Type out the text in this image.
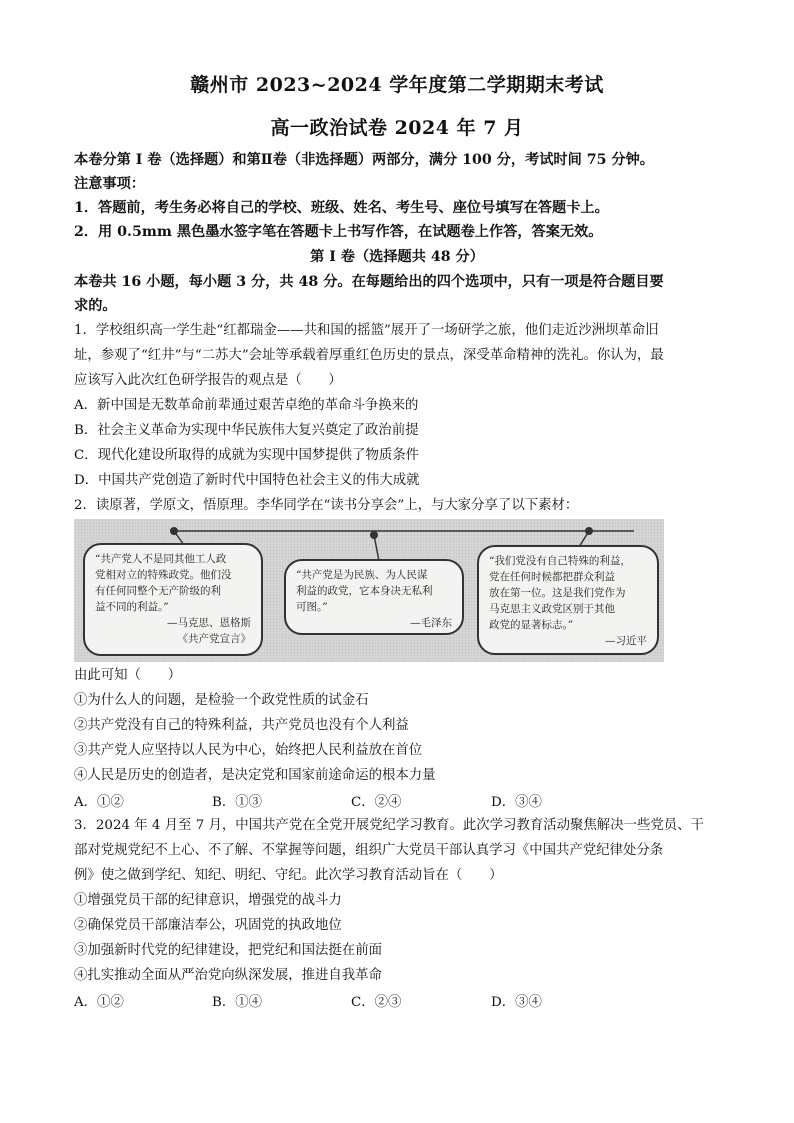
赣州市 2023~2024 学年度第二学期期末考试
高一政治试卷 2024 年 7 月
本卷分第 I 卷（选择题）和第Ⅱ卷（非选择题）两部分，满分 100 分，考试时间 75 分钟。
注意事项：
1．答题前，考生务必将自己的学校、班级、姓名、考生号、座位号填写在答题卡上。
2．用 0.5mm 黑色墨水签字笔在答题卡上书写作答，在试题卷上作答，答案无效。
第 I 卷（选择题共 48 分）
本卷共 16 小题，每小题 3 分，共 48 分。在每题给出的四个选项中，只有一项是符合题目要
求的。
1．学校组织高一学生赴“红都瑞金——共和国的摇篮”展开了一场研学之旅，他们走近沙洲坝革命旧
址，参观了“红井”与“二苏大”会址等承载着厚重红色历史的景点，深受革命精神的洗礼。你认为，最
应该写入此次红色研学报告的观点是（　　）
A．新中国是无数革命前辈通过艰苦卓绝的革命斗争换来的
B．社会主义革命为实现中华民族伟大复兴奠定了政治前提
C．现代化建设所取得的成就为实现中国梦提供了物质条件
D．中国共产党创造了新时代中国特色社会主义的伟大成就
2．读原著，学原文，悟原理。李华同学在“读书分享会”上，与大家分享了以下素材：
“共产党人不是同其他工人政
党相对立的特殊政党。他们没
有任何同整个无产阶级的利
益不同的利益。”
—马克思、恩格斯
《共产党宣言》
“共产党是为民族、为人民谋
利益的政党，它本身决无私利
可图。”
—毛泽东
“我们党没有自己特殊的利益，
党在任何时候都把群众利益
放在第一位。这是我们党作为
马克思主义政党区别于其他
政党的显著标志。”
—习近平
由此可知（　　）
①为什么人的问题，是检验一个政党性质的试金石
②共产党没有自己的特殊利益，共产党员也没有个人利益
③共产党人应坚持以人民为中心，始终把人民利益放在首位
④人民是历史的创造者，是决定党和国家前途命运的根本力量
A．①②	B．①③	C．②④	D．③④
3．2024 年 4 月至 7 月，中国共产党在全党开展党纪学习教育。此次学习教育活动聚焦解决一些党员、干
部对党规党纪不上心、不了解、不掌握等问题，组织广大党员干部认真学习《中国共产党纪律处分条
例》使之做到学纪、知纪、明纪、守纪。此次学习教育活动旨在（　　）
①增强党员干部的纪律意识，增强党的战斗力
②确保党员干部廉洁奉公，巩固党的执政地位
③加强新时代党的纪律建设，把党纪和国法挺在前面
④扎实推动全面从严治党向纵深发展，推进自我革命
A．①②	B．①④	C．②③	D．③④
